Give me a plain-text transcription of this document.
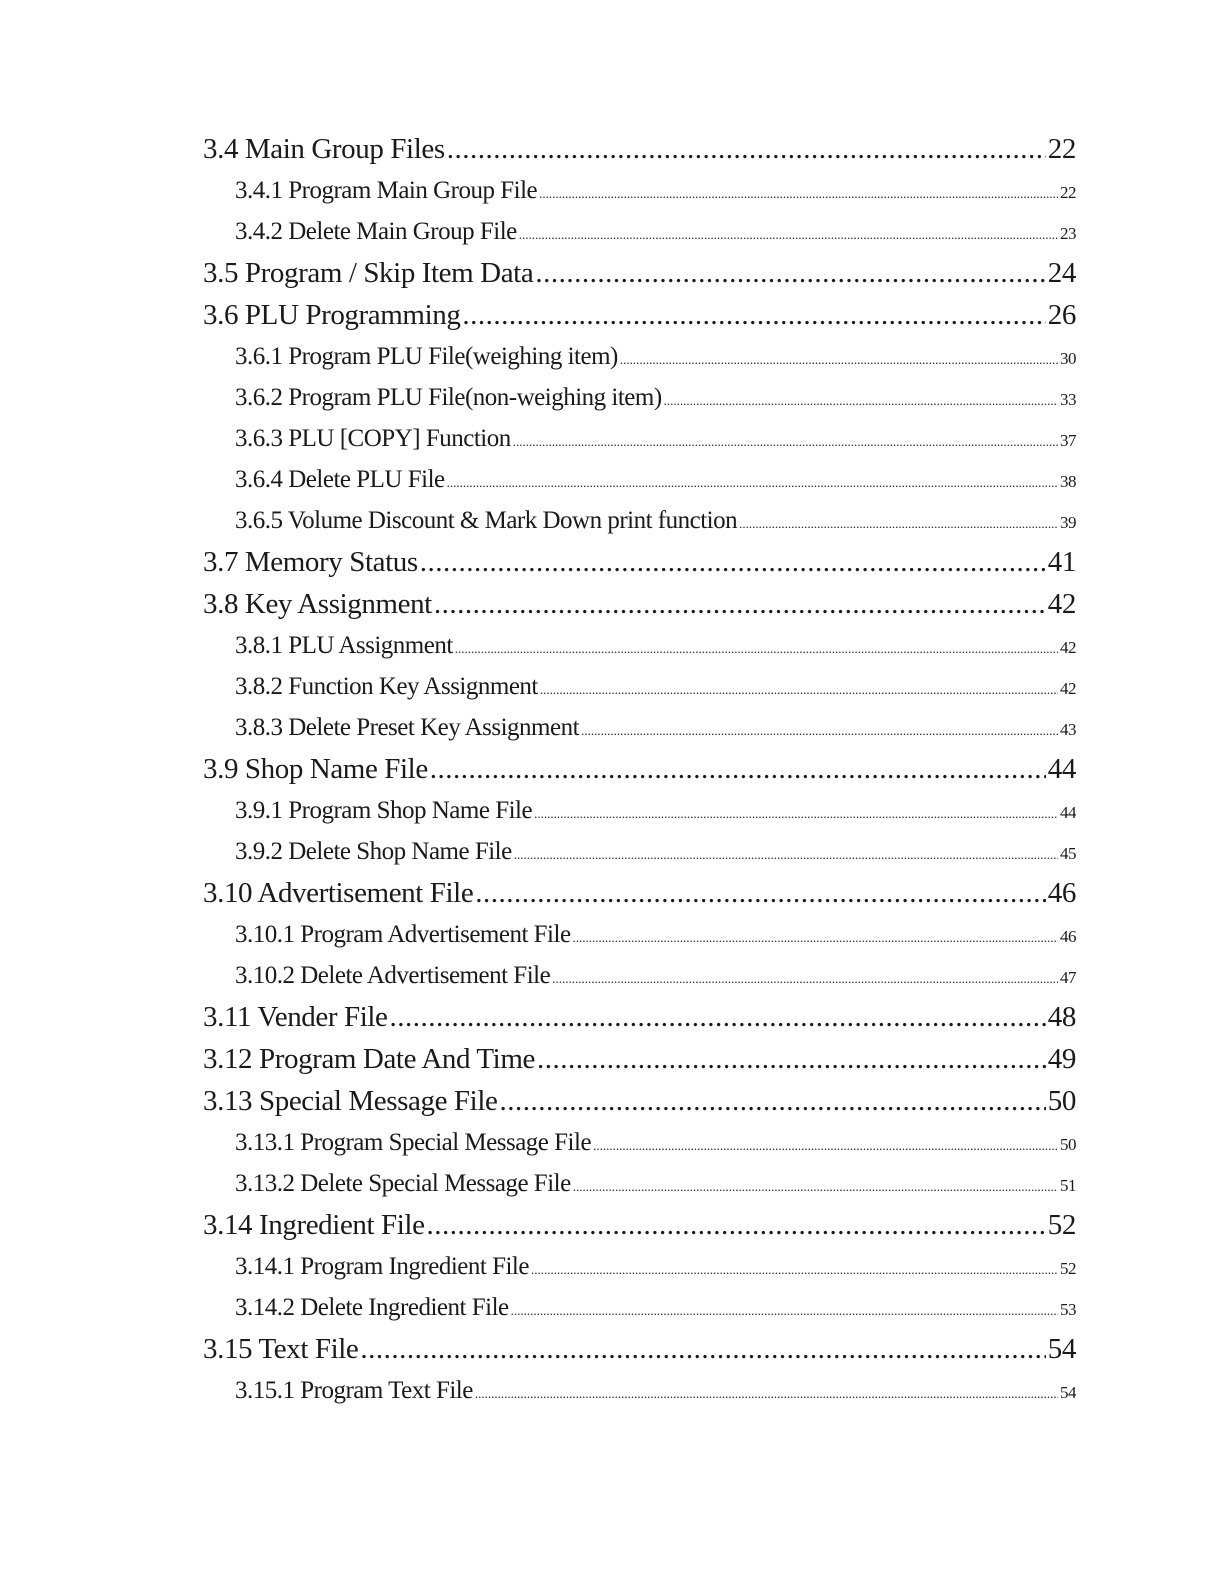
3.4 Main Group Files .....	22
3.4.1 Program Main Group File .....	22
3.4.2 Delete Main Group File .....	23
3.5 Program / Skip Item Data .....	24
3.6 PLU Programming .....	26
3.6.1 Program PLU File(weighing item) .....	30
3.6.2 Program PLU File(non-weighing item) .....	33
3.6.3 PLU [COPY] Function .....	37
3.6.4 Delete PLU File .....	38
3.6.5 Volume Discount & Mark Down print function .....	39
3.7 Memory Status .....	41
3.8 Key Assignment .....	42
3.8.1 PLU Assignment .....	42
3.8.2 Function Key Assignment .....	42
3.8.3 Delete Preset Key Assignment .....	43
3.9 Shop Name File .....	44
3.9.1 Program Shop Name File .....	44
3.9.2 Delete Shop Name File .....	45
3.10 Advertisement File .....	46
3.10.1 Program Advertisement File .....	46
3.10.2 Delete Advertisement File .....	47
3.11 Vender File .....	48
3.12 Program Date And Time .....	49
3.13 Special Message File .....	50
3.13.1 Program Special Message File .....	50
3.13.2 Delete Special Message File .....	51
3.14 Ingredient File .....	52
3.14.1 Program Ingredient File .....	52
3.14.2 Delete Ingredient File .....	53
3.15 Text File .....	54
3.15.1 Program Text File .....	54
